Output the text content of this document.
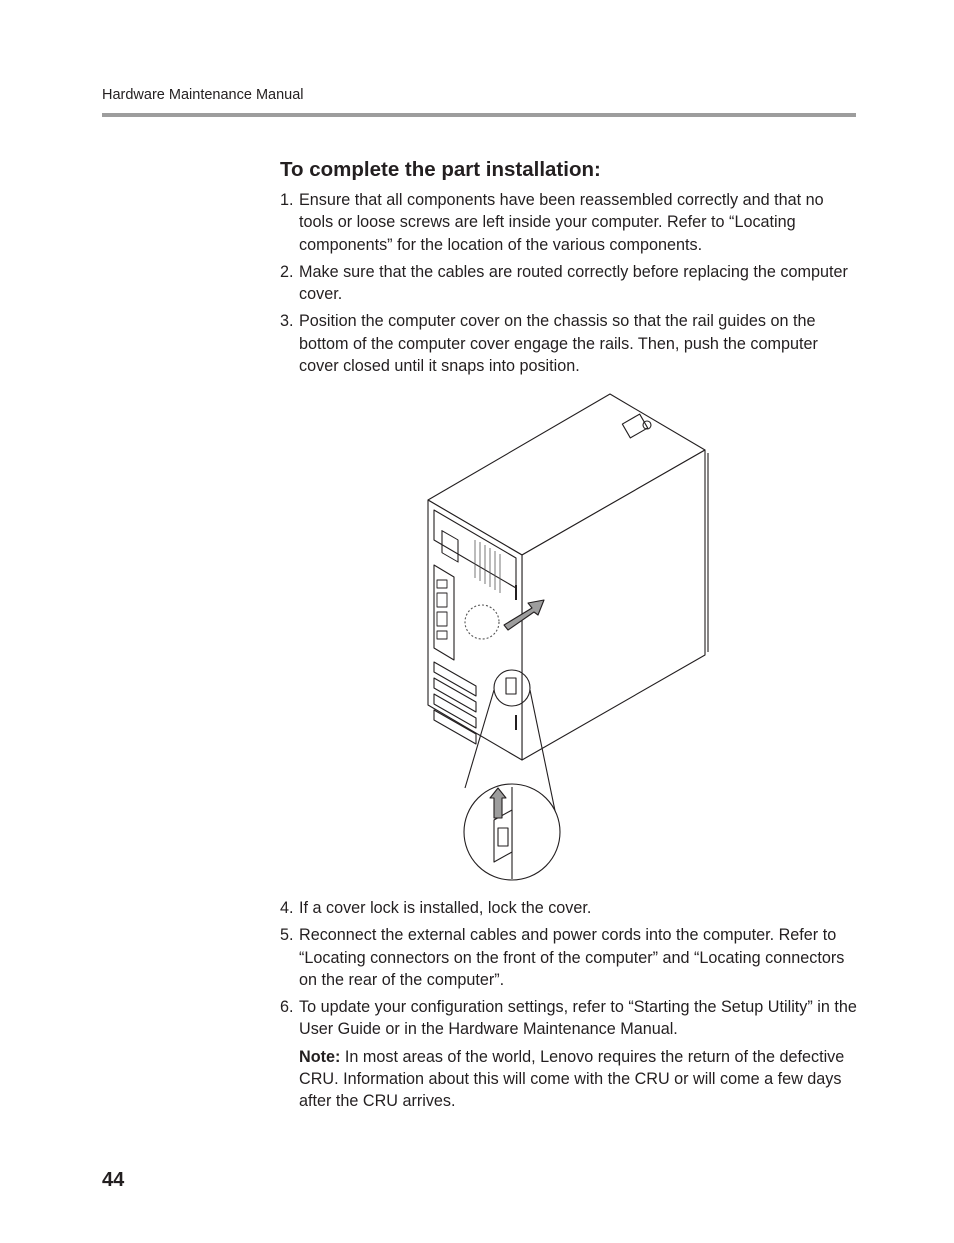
Hardware Maintenance Manual
To complete the part installation:
1. Ensure that all components have been reassembled correctly and that no tools or loose screws are left inside your computer. Refer to “Locating components” for the location of the various components.
2. Make sure that the cables are routed correctly before replacing the computer cover.
3. Position the computer cover on the chassis so that the rail guides on the bottom of the computer cover engage the rails. Then, push the computer cover closed until it snaps into position.
4. If a cover lock is installed, lock the cover.
5. Reconnect the external cables and power cords into the computer. Refer to “Locating connectors on the front of the computer” and “Locating connectors on the rear of the computer”.
6. To update your configuration settings, refer to “Starting the Setup Utility” in the User Guide or in the Hardware Maintenance Manual.
Note: In most areas of the world, Lenovo requires the return of the defective CRU. Information about this will come with the CRU or will come a few days after the CRU arrives.
44
